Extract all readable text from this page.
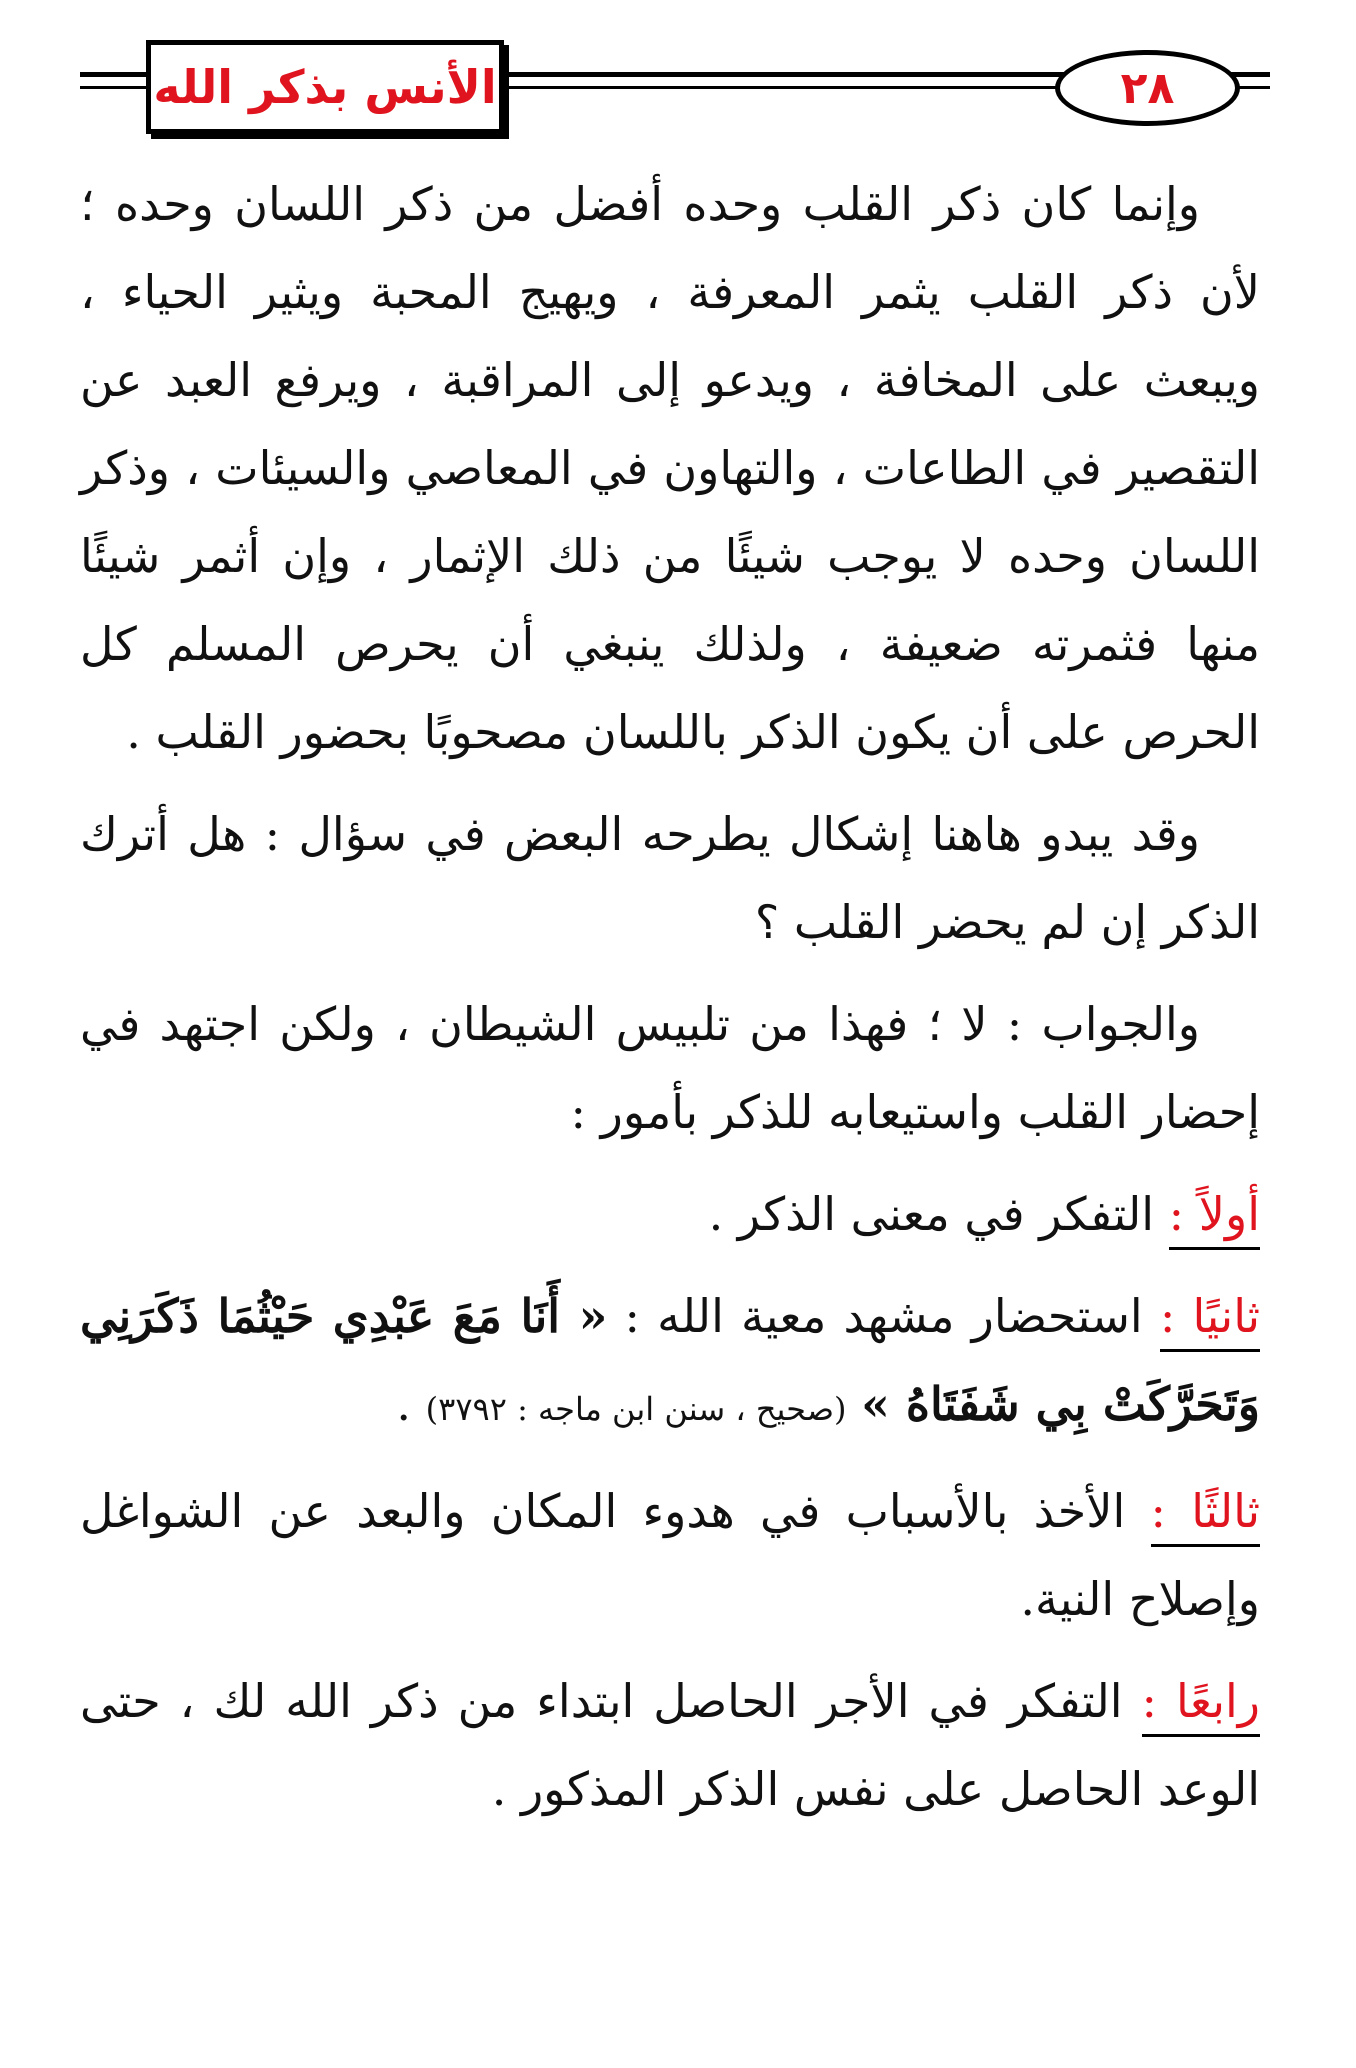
الأنس بذكر الله	٢٨

وإنما كان ذكر القلب وحده أفضل من ذكر اللسان وحده ؛ لأن ذكر القلب يثمر المعرفة ، ويهيج المحبة ويثير الحياء ، ويبعث على المخافة ، ويدعو إلى المراقبة ، ويرفع العبد عن التقصير في الطاعات ، والتهاون في المعاصي والسيئات ، وذكر اللسان وحده لا يوجب شيئًا من ذلك الإثمار ، وإن أثمر شيئًا منها فثمرته ضعيفة ، ولذلك ينبغي أن يحرص المسلم كل الحرص على أن يكون الذكر باللسان مصحوبًا بحضور القلب .

وقد يبدو هاهنا إشكال يطرحه البعض في سؤال : هل أترك الذكر إن لم يحضر القلب ؟

والجواب : لا ؛ فهذا من تلبيس الشيطان ، ولكن اجتهد في إحضار القلب واستيعابه للذكر بأمور :

أولاً : التفكر في معنى الذكر .

ثانيًا : استحضار مشهد معية الله : « أَنَا مَعَ عَبْدِي حَيْثُمَا ذَكَرَنِي وَتَحَرَّكَتْ بِي شَفَتَاهُ » (صحيح ، سنن ابن ماجه : ٣٧٩٢) .

ثالثًا : الأخذ بالأسباب في هدوء المكان والبعد عن الشواغل وإصلاح النية.

رابعًا : التفكر في الأجر الحاصل ابتداء من ذكر الله لك ، حتى الوعد الحاصل على نفس الذكر المذكور .
